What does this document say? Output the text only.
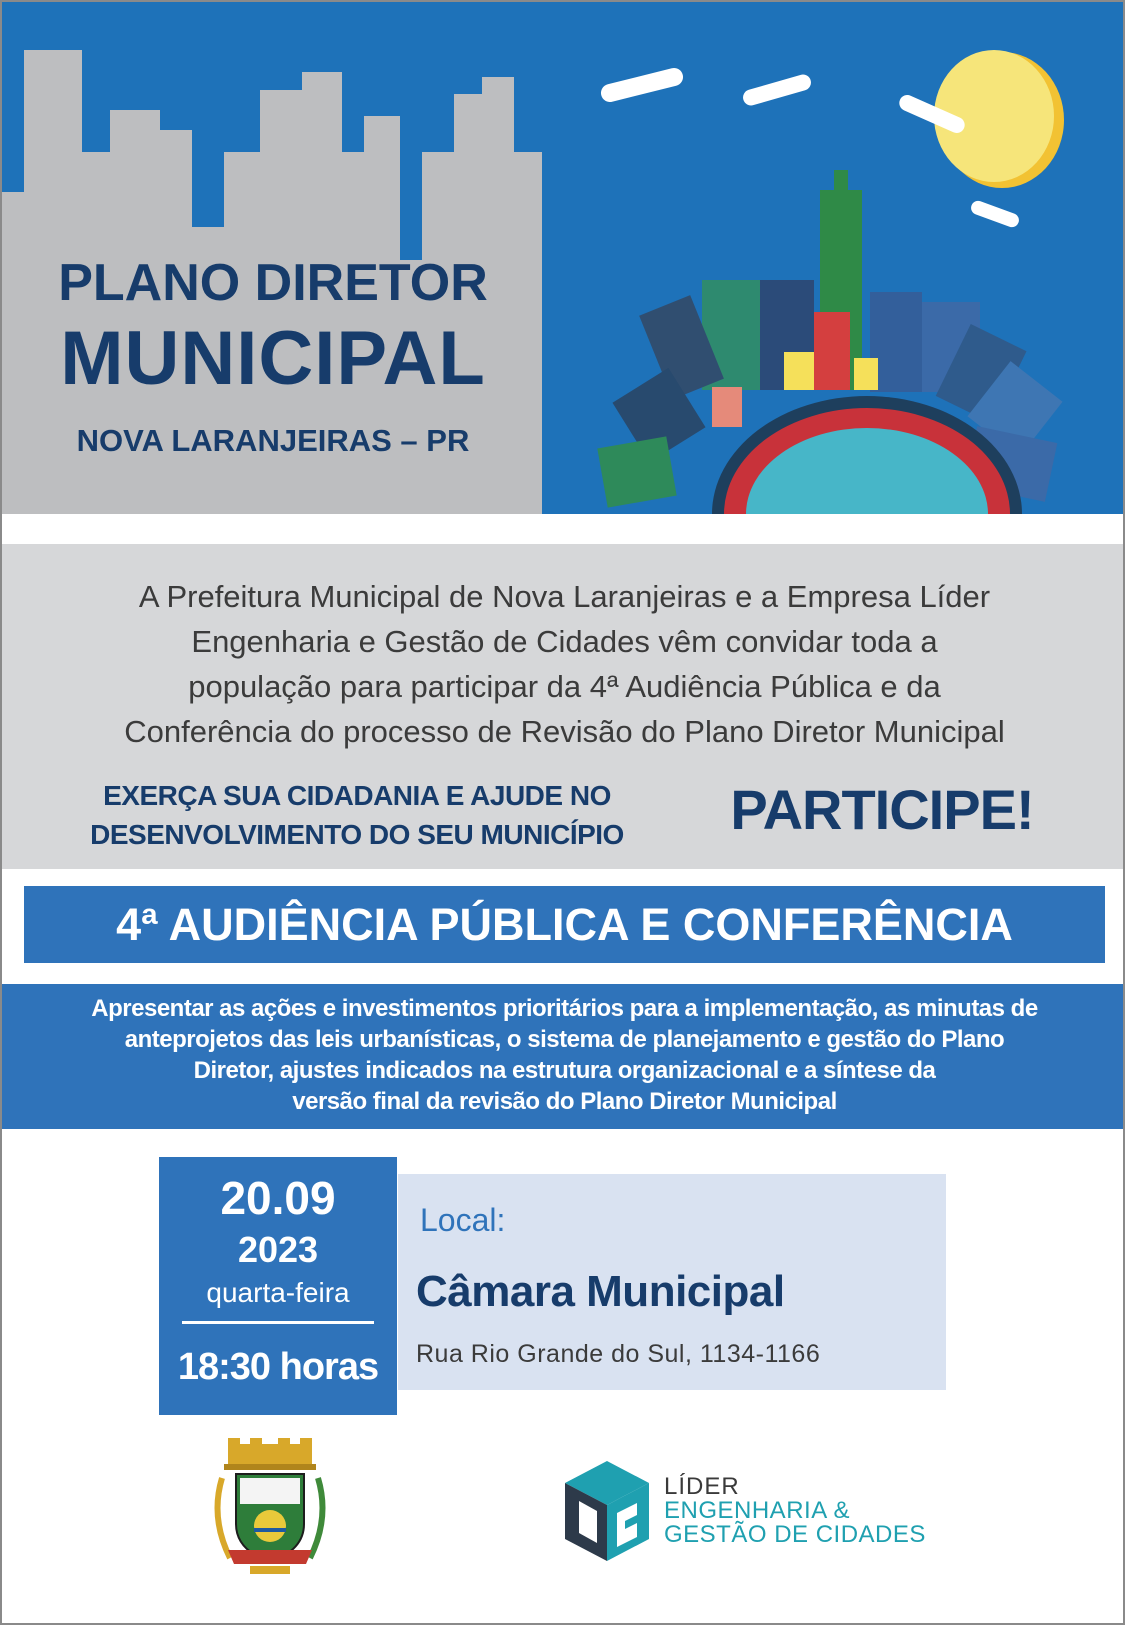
PLANO DIRETOR
MUNICIPAL
NOVA LARANJEIRAS – PR
A Prefeitura Municipal de Nova Laranjeiras e a Empresa Líder
Engenharia e Gestão de Cidades vêm convidar toda a
população para participar da 4ª Audiência Pública e da
Conferência do processo de Revisão do Plano Diretor Municipal
EXERÇA SUA CIDADANIA E AJUDE NO
DESENVOLVIMENTO DO SEU MUNICÍPIO	PARTICIPE!
4ª AUDIÊNCIA PÚBLICA E CONFERÊNCIA
Apresentar as ações e investimentos prioritários para a implementação, as minutas de
anteprojetos das leis urbanísticas, o sistema de planejamento e gestão do Plano
Diretor, ajustes indicados na estrutura organizacional e a síntese da
versão final da revisão do Plano Diretor Municipal
20.09
2023
quarta-feira
18:30 horas
Local:
Câmara Municipal
Rua Rio Grande do Sul, 1134-1166
LÍDER
ENGENHARIA &
GESTÃO DE CIDADES
